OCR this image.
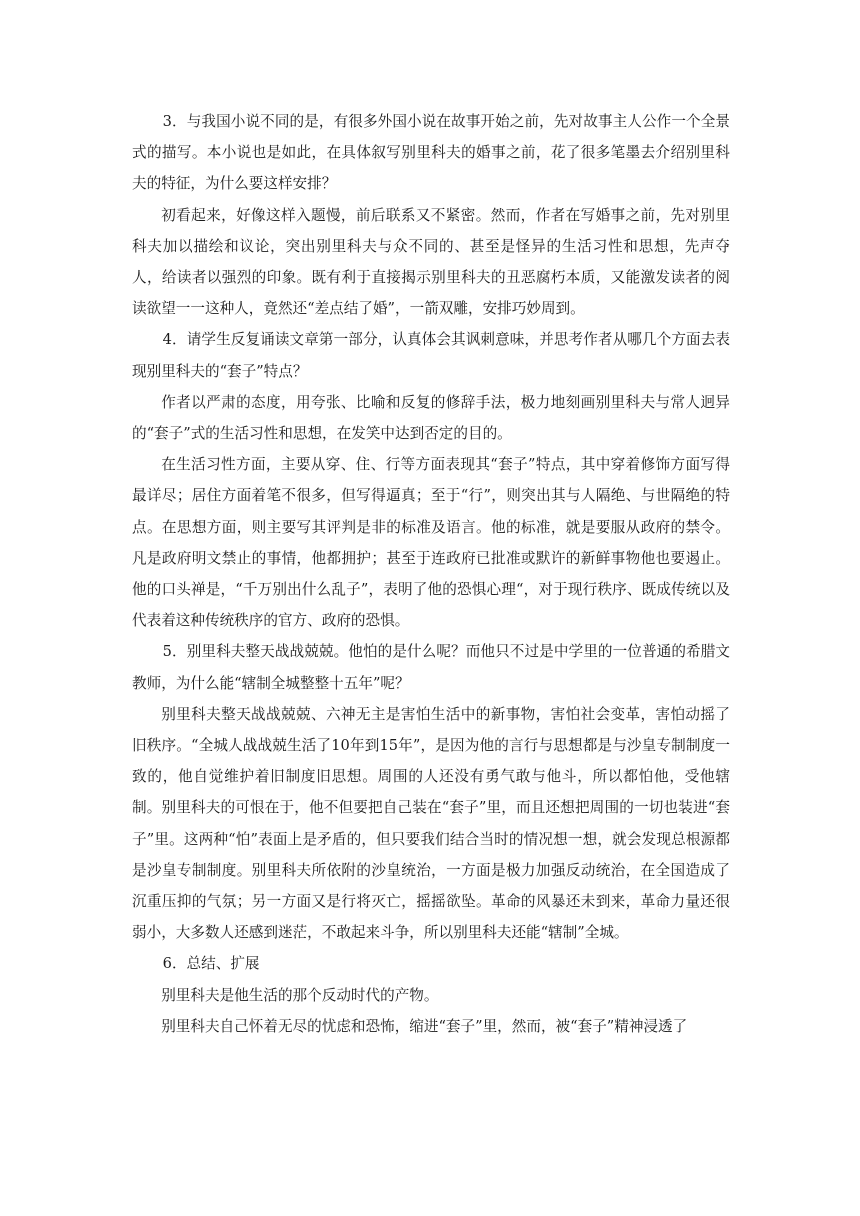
3．与我国小说不同的是，有很多外国小说在故事开始之前，先对故事主人公作一个全景式的描写。本小说也是如此，在具体叙写别里科夫的婚事之前，花了很多笔墨去介绍别里科夫的特征，为什么要这样安排？

初看起来，好像这样入题慢，前后联系又不紧密。然而，作者在写婚事之前，先对别里科夫加以描绘和议论，突出别里科夫与众不同的、甚至是怪异的生活习性和思想，先声夺人，给读者以强烈的印象。既有利于直接揭示别里科夫的丑恶腐朽本质，又能激发读者的阅读欲望一一这种人，竟然还“差点结了婚”，一箭双雕，安排巧妙周到。

4．请学生反复诵读文章第一部分，认真体会其讽刺意味，并思考作者从哪几个方面去表现别里科夫的“套子”特点？

作者以严肃的态度，用夸张、比喻和反复的修辞手法，极力地刻画别里科夫与常人迥异的“套子”式的生活习性和思想，在发笑中达到否定的目的。

在生活习性方面，主要从穿、住、行等方面表现其“套子”特点，其中穿着修饰方面写得最详尽；居住方面着笔不很多，但写得逼真；至于“行”，则突出其与人隔绝、与世隔绝的特点。在思想方面，则主要写其评判是非的标准及语言。他的标准，就是要服从政府的禁令。凡是政府明文禁止的事情，他都拥护；甚至于连政府已批准或默许的新鲜事物他也要遏止。他的口头禅是，“千万别出什么乱子”，表明了他的恐惧心理“，对于现行秩序、既成传统以及代表着这种传统秩序的官方、政府的恐惧。

5．别里科夫整天战战兢兢。他怕的是什么呢？而他只不过是中学里的一位普通的希腊文教师，为什么能“辖制全城整整十五年”呢？

别里科夫整天战战兢兢、六神无主是害怕生活中的新事物，害怕社会变革，害怕动摇了旧秩序。“全城人战战兢生活了10年到15年”，是因为他的言行与思想都是与沙皇专制制度一致的，他自觉维护着旧制度旧思想。周围的人还没有勇气敢与他斗，所以都怕他，受他辖制。别里科夫的可恨在于，他不但要把自己装在“套子”里，而且还想把周围的一切也装进“套子”里。这两种“怕”表面上是矛盾的，但只要我们结合当时的情况想一想，就会发现总根源都是沙皇专制制度。别里科夫所依附的沙皇统治，一方面是极力加强反动统治，在全国造成了沉重压抑的气氛；另一方面又是行将灭亡，摇摇欲坠。革命的风暴还未到来，革命力量还很弱小，大多数人还感到迷茫，不敢起来斗争，所以别里科夫还能“辖制”全城。

6．总结、扩展

别里科夫是他生活的那个反动时代的产物。

别里科夫自己怀着无尽的忧虑和恐怖，缩进“套子”里，然而，被“套子”精神浸透了
